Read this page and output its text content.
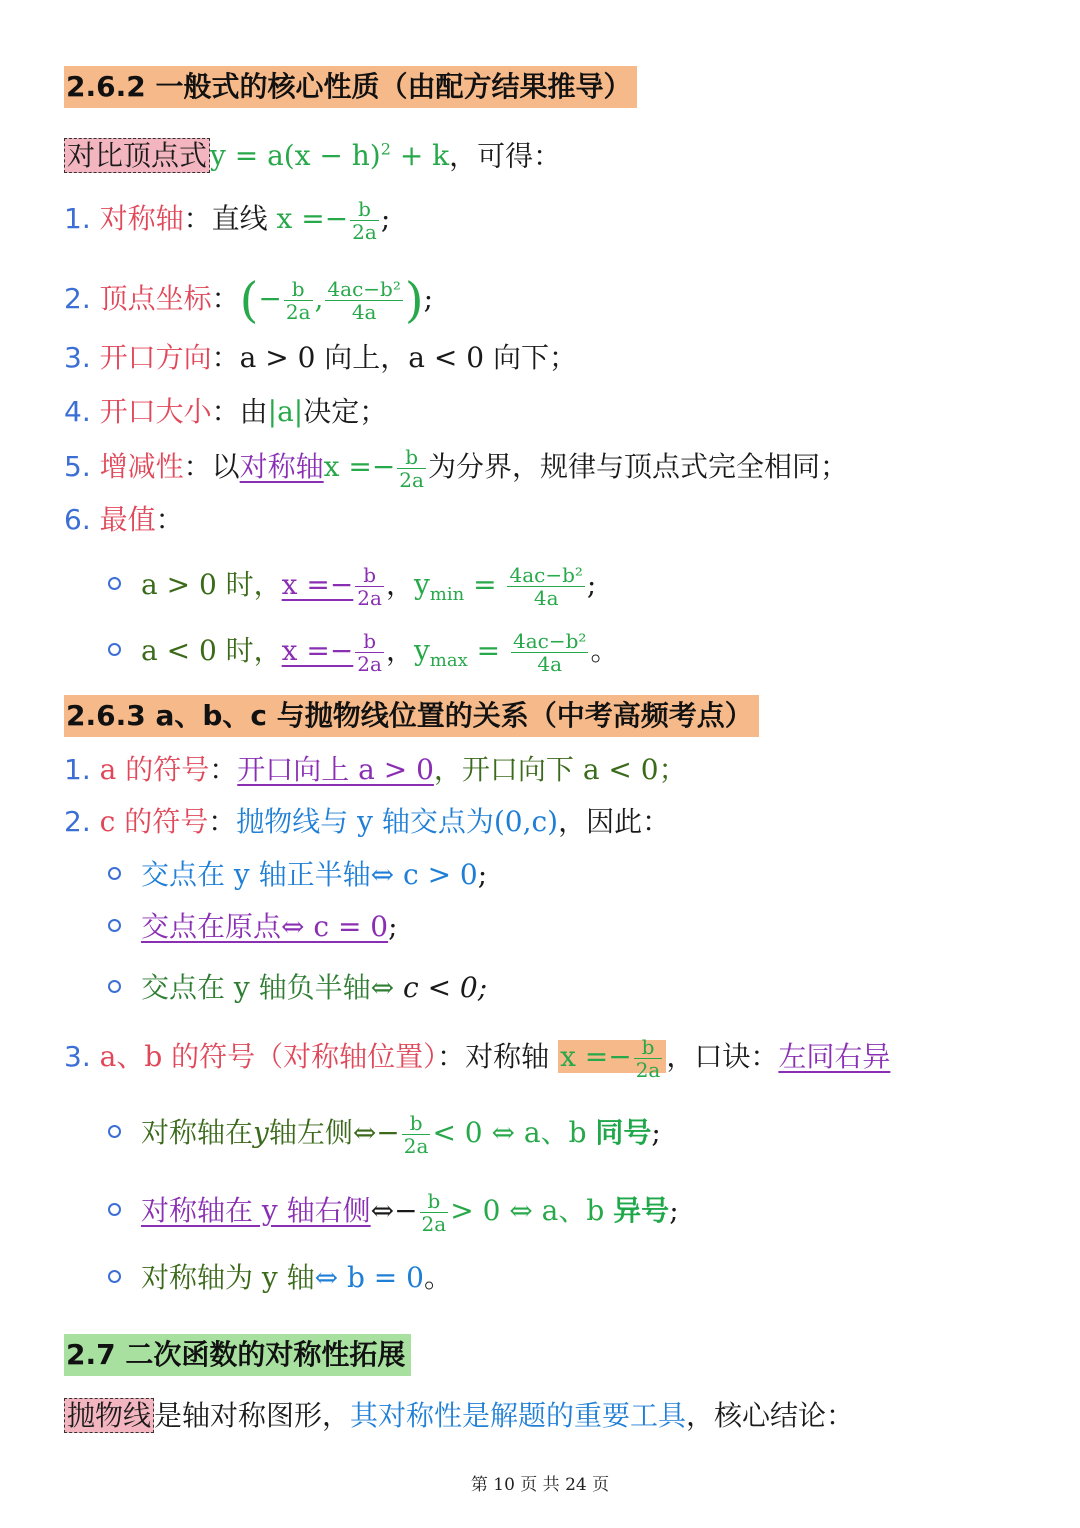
2.6.2 一般式的核心性质（由配方结果推导）
对比顶点式 $y = a(x - h)^2 + k$，可得：
1. 对称轴：直线 $x =- \frac{b}{2a}$ ;
2. 顶点坐标：(− $\frac{b}{2a}$ , $\frac{\text{4ac−b²}}{4a}$ );
3. 开口方向：a > 0 向上，a < 0 向下；
4. 开口大小：由|a|决定；
5. 增减性：以对称轴$x =- \frac{b}{2a}$ 为分界，规律与顶点式完全相同；
6. 最值：
a > 0 时，$x =- \frac{b}{2a}$ ，$y_{min} = \frac{\text{4ac−b²}}{4a}$ ;
a < 0 时，$x =- \frac{b}{2a}$ ，$y_{max} = \frac{\text{4ac−b²}}{4a}$ 。
2.6.3 a、b、c 与抛物线位置的关系（中考高频考点）
1. a 的符号：开口向上 a > 0，开口向下 a < 0；
2. c 的符号：抛物线与 y 轴交点为(0,c)，因此：
交点在 y 轴正半轴⇔ c > 0;
交点在原点⇔ c = 0;
交点在 y 轴负半轴⇔ c < 0;
3. a、b 的符号（对称轴位置）：对称轴 $x =- \frac{b}{2a}$ ，口诀：左同右异
对称轴在y轴左侧⇔− $\frac{b}{2a} < 0$ ⇔ a、b 同号;
对称轴在 y 轴右侧⇔− $\frac{b}{2a} > 0$ ⇔ a、b 异号;
对称轴为 y 轴⇔ b = 0。
2.7 二次函数的对称性拓展
抛物线 是轴对称图形，其对称性是解题的重要工具，核心结论：
第 10 页 共 24 页
